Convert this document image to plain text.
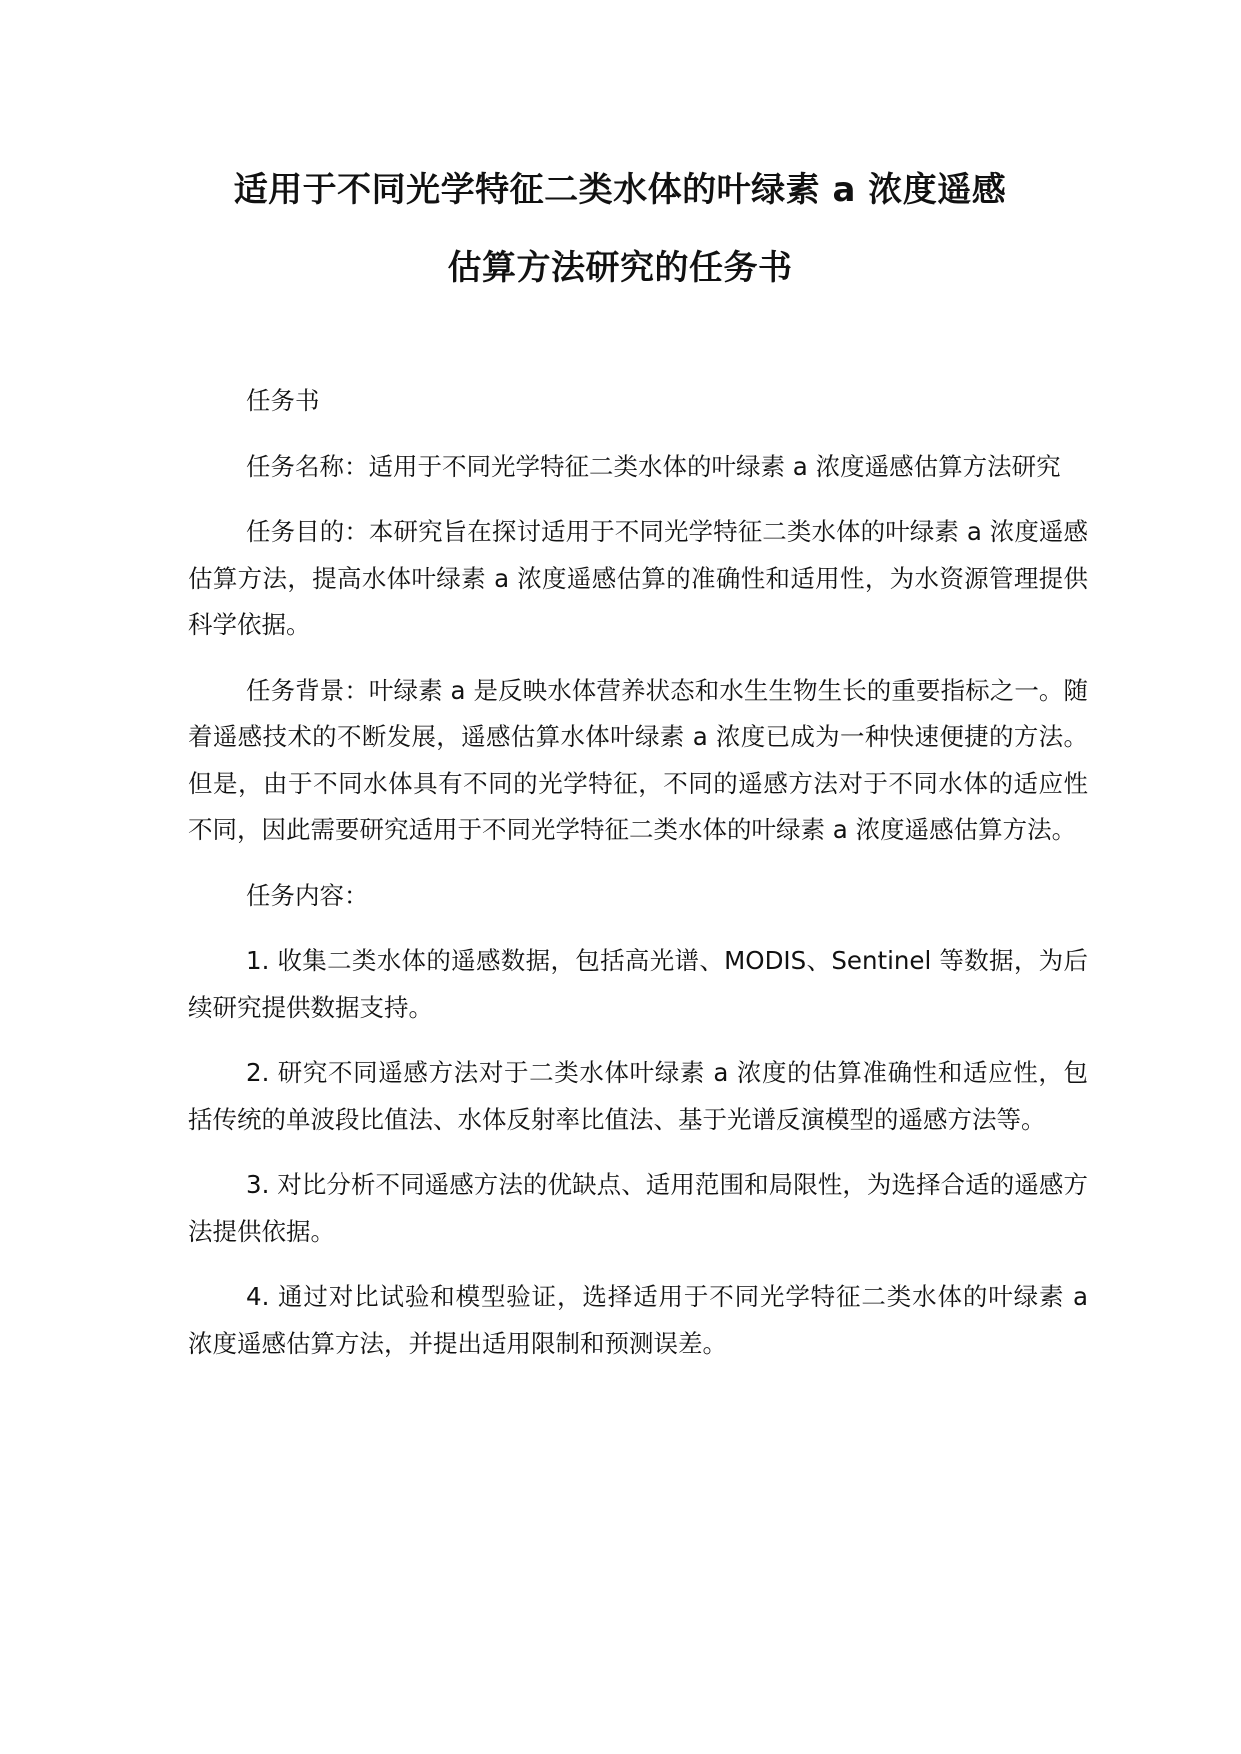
适用于不同光学特征二类水体的叶绿素 a 浓度遥感
估算方法研究的任务书

任务书

任务名称：适用于不同光学特征二类水体的叶绿素 a 浓度遥感估算方法研究

任务目的：本研究旨在探讨适用于不同光学特征二类水体的叶绿素 a 浓度遥感估算方法，提高水体叶绿素 a 浓度遥感估算的准确性和适用性，为水资源管理提供科学依据。

任务背景：叶绿素 a 是反映水体营养状态和水生生物生长的重要指标之一。随着遥感技术的不断发展，遥感估算水体叶绿素 a 浓度已成为一种快速便捷的方法。但是，由于不同水体具有不同的光学特征，不同的遥感方法对于不同水体的适应性不同，因此需要研究适用于不同光学特征二类水体的叶绿素 a 浓度遥感估算方法。

任务内容：

1. 收集二类水体的遥感数据，包括高光谱、MODIS、Sentinel 等数据，为后续研究提供数据支持。

2. 研究不同遥感方法对于二类水体叶绿素 a 浓度的估算准确性和适应性，包括传统的单波段比值法、水体反射率比值法、基于光谱反演模型的遥感方法等。

3. 对比分析不同遥感方法的优缺点、适用范围和局限性，为选择合适的遥感方法提供依据。

4. 通过对比试验和模型验证，选择适用于不同光学特征二类水体的叶绿素 a 浓度遥感估算方法，并提出适用限制和预测误差。
